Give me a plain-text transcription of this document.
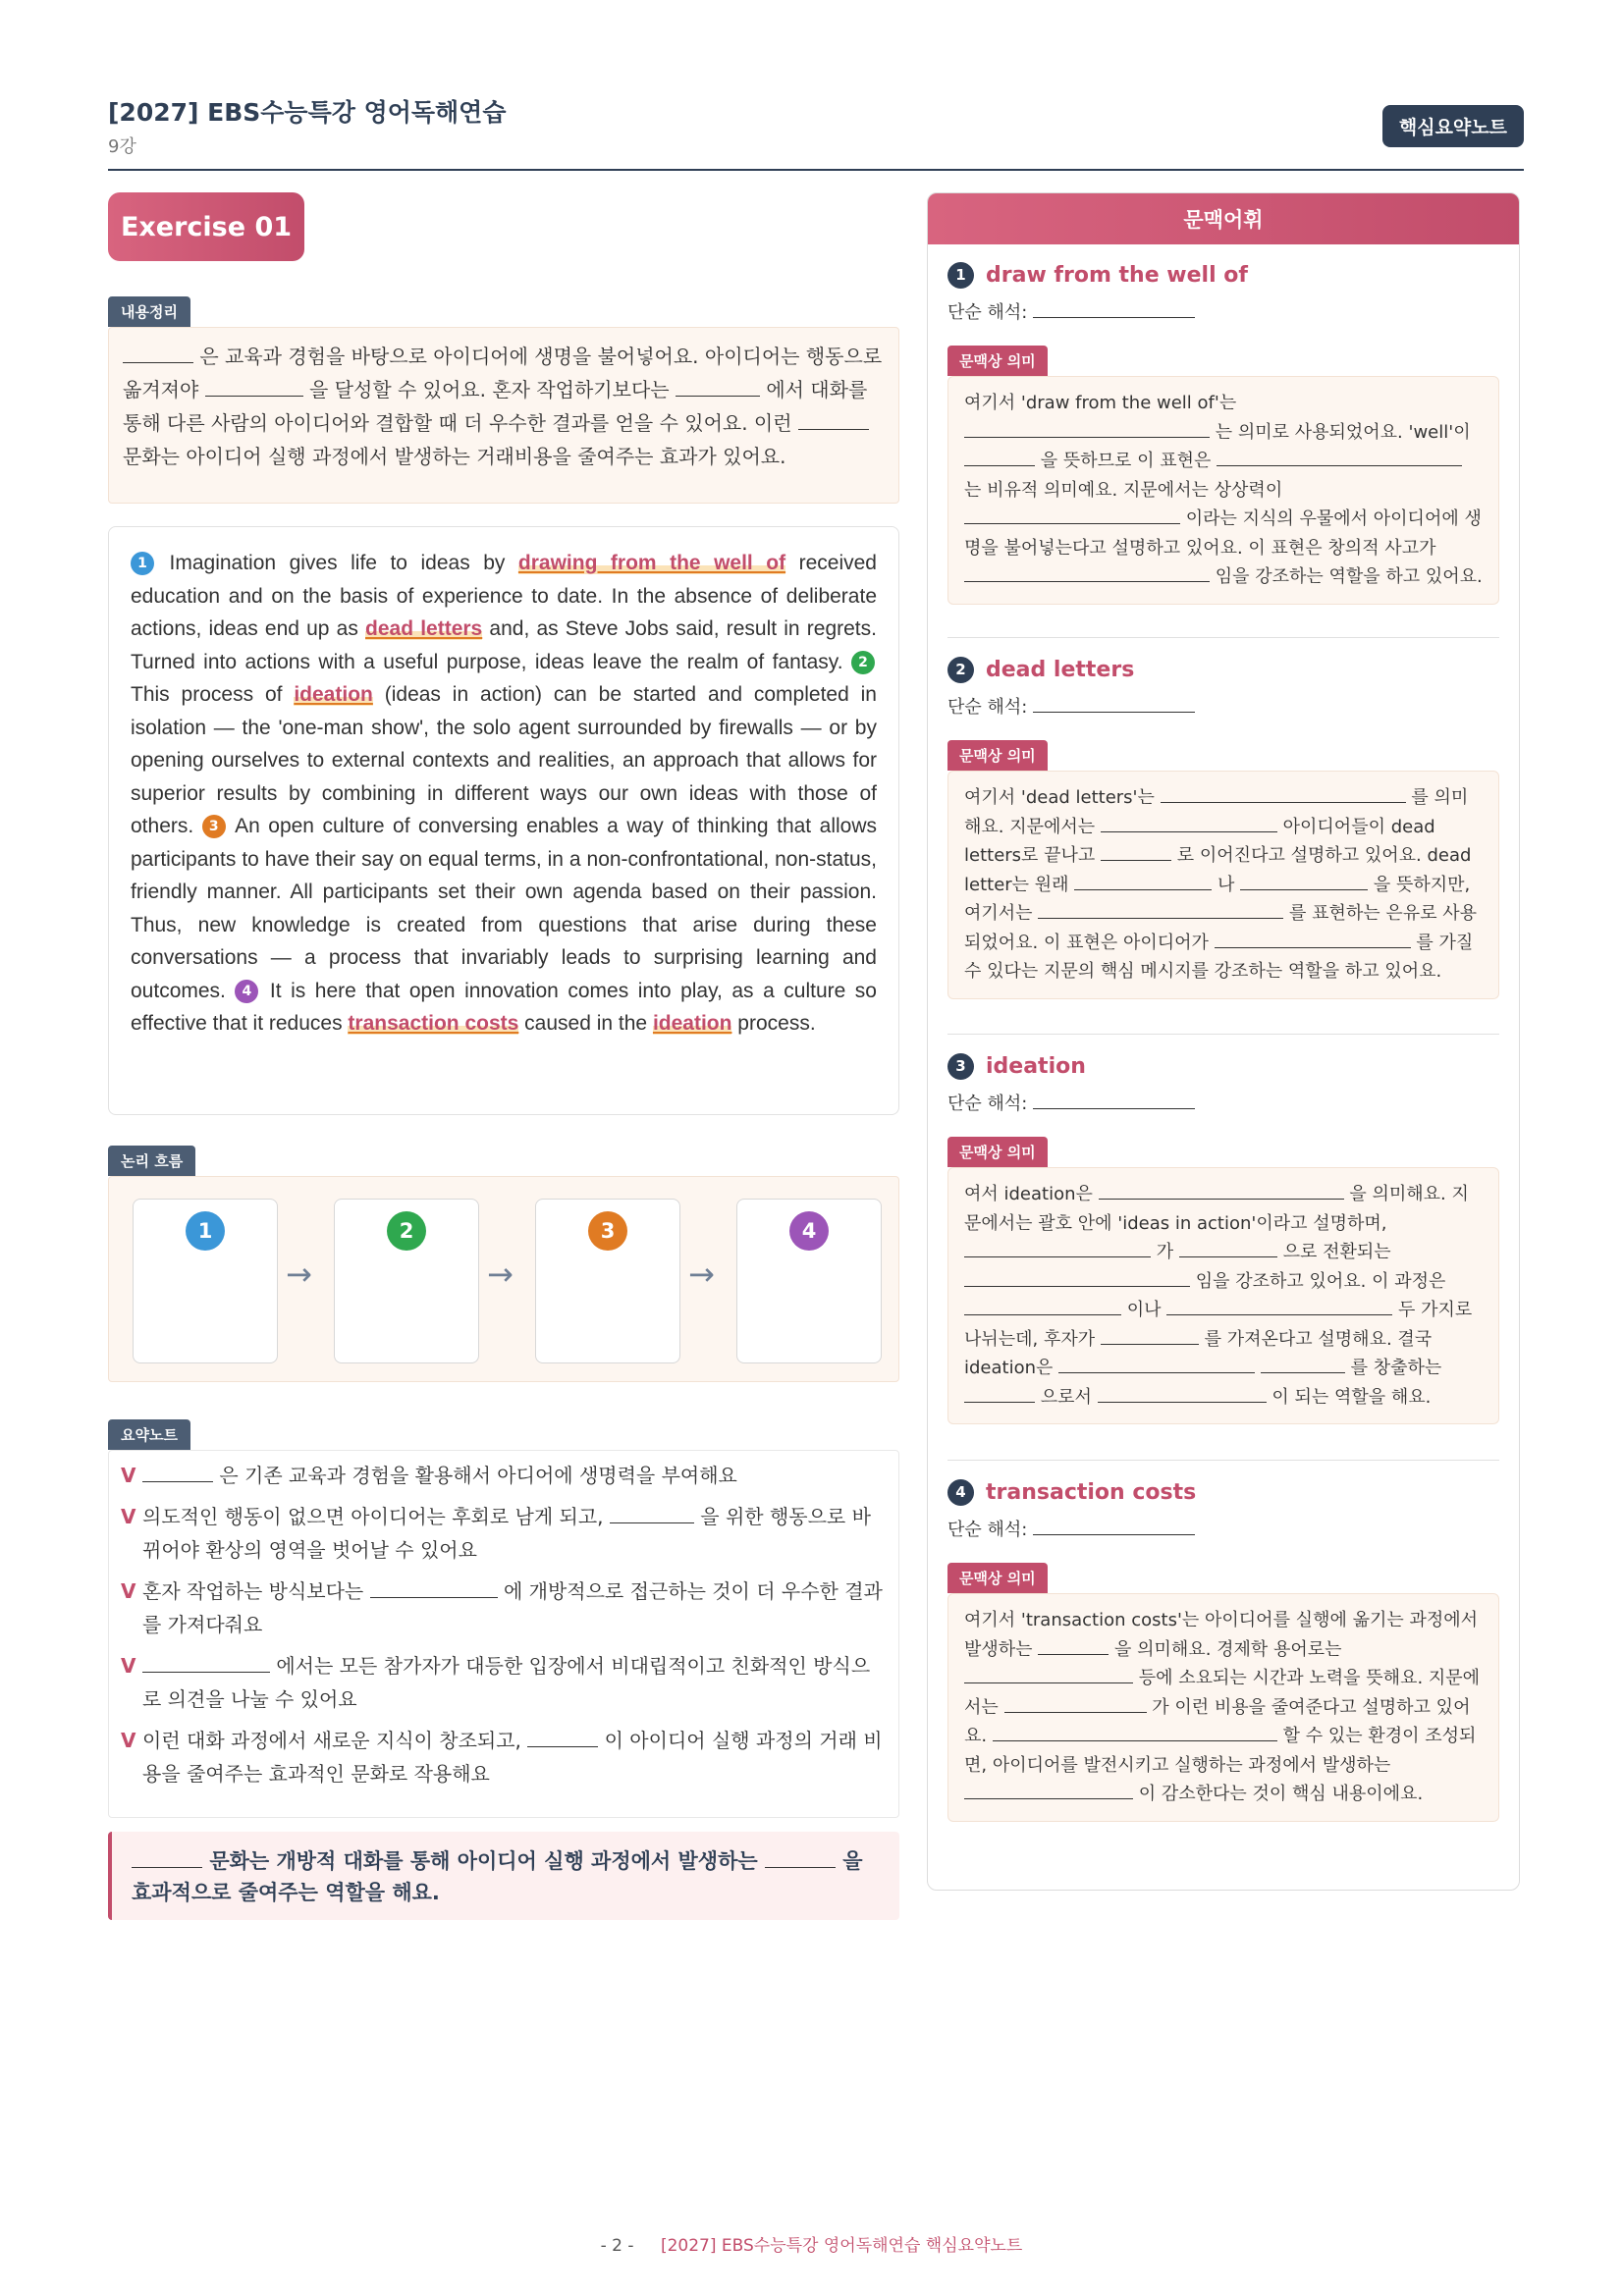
[2027] EBS수능특강 영어독해연습
9강
핵심요약노트
Exercise 01
내용정리
은 교육과 경험을 바탕으로 아이디어에 생명을 불어넣어요. 아이디어는 행동으로 옮겨져야	을 달성할 수 있어요. 혼자 작업하기보다는	에서 대화를 통해 다른 사람의 아이디어와 결합할 때 더 우수한 결과를 얻을 수 있어요. 이런  문화는 아이디어 실행 과정에서 발생하는 거래비용을 줄여주는 효과가 있어요.
1 Imagination gives life to ideas by drawing from the well of received education and on the basis of experience to date. In the absence of deliberate actions, ideas end up as dead letters and, as Steve Jobs said, result in regrets. Turned into actions with a useful purpose, ideas leave the realm of fantasy. 2 This process of ideation (ideas in action) can be started and completed in isolation — the 'one-man show', the solo agent surrounded by firewalls — or by opening ourselves to external contexts and realities, an approach that allows for superior results by combining in different ways our own ideas with those of others. 3 An open culture of conversing enables a way of thinking that allows participants to have their say on equal terms, in a non-confrontational, non-status, friendly manner. All participants set their own agenda based on their passion. Thus, new knowledge is created from questions that arise during these conversations — a process that invariably leads to surprising learning and outcomes. 4 It is here that open innovation comes into play, as a culture so effective that it reduces transaction costs caused in the ideation process.
논리 흐름
1
→
2
→
3
→
4
요약노트
V	은 기존 교육과 경험을 활용해서 아디어에 생명력을 부여해요
V 의도적인 행동이 없으면 아이디어는 후회로 남게 되고,	을 위한 행동으로 바뀌어야 환상의 영역을 벗어날 수 있어요
V 혼자 작업하는 방식보다는	에 개방적으로 접근하는 것이 더 우수한 결과를 가져다줘요
V	에서는 모든 참가자가 대등한 입장에서 비대립적이고 친화적인 방식으로 의견을 나눌 수 있어요
V 이런 대화 과정에서 새로운 지식이 창조되고,	이 아이디어 실행 과정의 거래 비용을 줄여주는 효과적인 문화로 작용해요
문화는 개방적 대화를 통해 아이디어 실행 과정에서 발생하는	을
효과적으로 줄여주는 역할을 해요.
문맥어휘
1 draw from the well of
단순 해석:
문맥상 의미
여기서 'draw from the well of'는
는 의미로 사용되었어요. 'well'이  을 뜻하므로 이 표현은  는 비유적 의미예요. 지문에서는 상상력이  이라는 지식의 우물에서 아이디어에 생명을 불어넣는다고 설명하고 있어요. 이 표현은 창의적 사고가  임을 강조하는 역할을 하고 있어요.
2 dead letters
단순 해석:
문맥상 의미
여기서 'dead letters'는	를 의미해요. 지문에서는	아이디어들이 dead letters로 끝나고	로 이어진다고 설명하고 있어요. dead letter는 원래	나	을 뜻하지만, 여기서는	를 표현하는 은유로 사용되었어요. 이 표현은 아이디어가	를 가질 수 있다는 지문의 핵심 메시지를 강조하는 역할을 하고 있어요.
3 ideation
단순 해석:
문맥상 의미
여서 ideation은	을 의미해요. 지문에서는 괄호 안에 'ideas in action'이라고 설명하며,  가	으로 전환되는  임을 강조하고 있어요. 이 과정은  이나	두 가지로 나뉘는데, 후자가	를 가져온다고 설명해요. 결국 ideation은	를 창출하는  으로서	이 되는 역할을 해요.
4 transaction costs
단순 해석:
문맥상 의미
여기서 'transaction costs'는 아이디어를 실행에 옮기는 과정에서 발생하는	을 의미해요. 경제학 용어로는  등에 소요되는 시간과 노력을 뜻해요. 지문에서는	가 이런 비용을 줄여준다고 설명하고 있어요.	할 수 있는 환경이 조성되면, 아이디어를 발전시키고 실행하는 과정에서 발생하는  이 감소한다는 것이 핵심 내용이에요.
- 2 - [2027] EBS수능특강 영어독해연습 핵심요약노트
